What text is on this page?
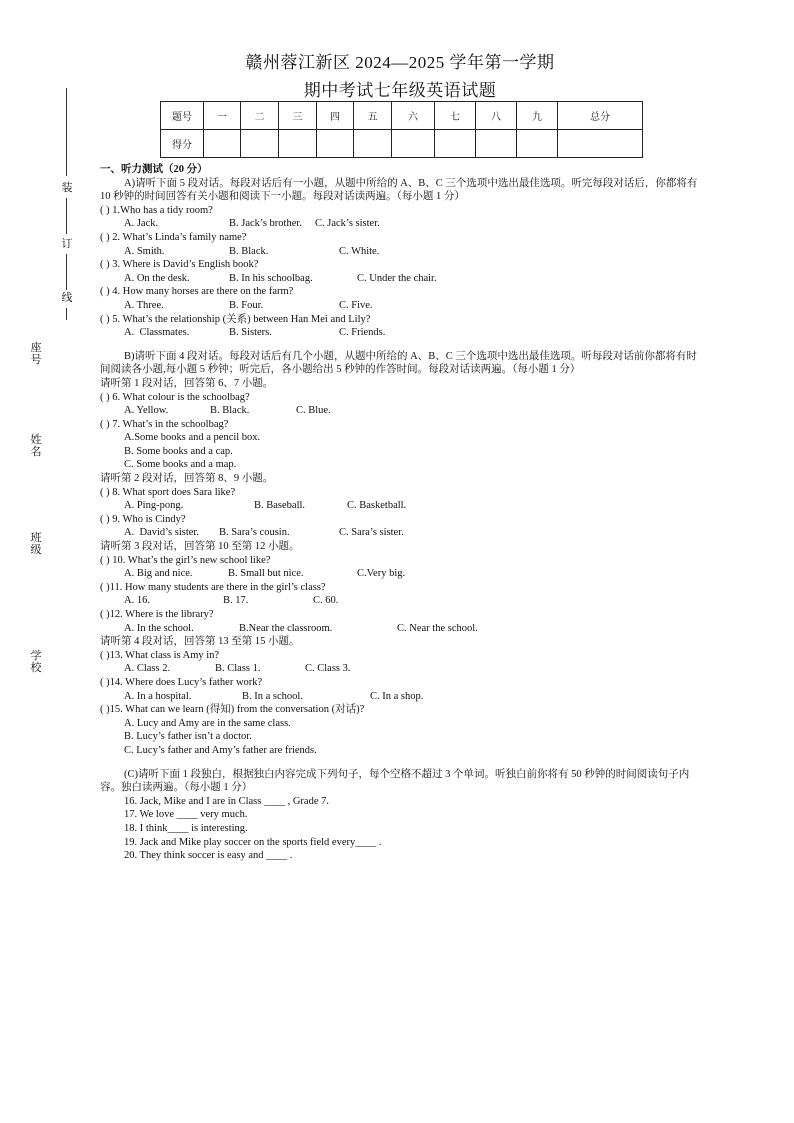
装
订
线
座号
姓名
班级
学校
赣州蓉江新区 2024—2025 学年第一学期
期中考试七年级英语试题
题号	一	二	三	四	五	六	七	八	九	总分
得分										
一、听力测试（20 分）

A)请听下面 5 段对话。每段对话后有一小题，从题中所给的 A、B、C 三个选项中选出最佳选项。听完每段对话后，你都将有 10 秒钟的时间回答有关小题和阅读下一小题。每段对话读两遍。（每小题 1 分）

( ) 1.Who has a tidy room?

A. Jack.	B. Jack’s brother. C. Jack’s sister.

( ) 2. What’s Linda’s family name?

A. Smith.	B. Black.	C. White.

( ) 3. Where is David’s English book?

A. On the desk.	B. In his schoolbag.	C. Under the chair.

( ) 4. How many horses are there on the farm?

A. Three.	B. Four.	C. Five.

( ) 5. What’s the relationship (关系) between Han Mei and Lily?

A.  Classmates.	B. Sisters.	C. Friends.

B)请听下面 4 段对话。每段对话后有几个小题，从题中所给的 A、B、C 三个选项中选出最佳选项。听每段对话前你都将有时间阅读各小题,每小题 5 秒钟；听完后，各小题给出 5 秒钟的作答时间。每段对话读两遍。（每小题 1 分）

请听第 1 段对话，回答第 6、7 小题。

( ) 6. What colour is the schoolbag?

A. Yellow.	B. Black.	C. Blue.

( ) 7. What’s in the schoolbag?

A.Some books and a pencil box.

B. Some books and a cap.

C. Some books and a map.

请听第 2 段对话，回答第 8、9 小题。

( ) 8. What sport does Sara like?

A. Ping-pong.	B. Baseball.	C. Basketball.

( ) 9. Who is Cindy?

A.  David’s sister. B. Sara’s cousin.	C. Sara’s sister.

请听第 3 段对话，回答第 10 至第 12 小题。

( ) 10. What’s the girl’s new school like?

A. Big and nice.	B. Small but nice.	C.Very big.

( )11. How many students are there in the girl’s class?

A. 16.	B. 17.	C. 60.

( )12. Where is the library?

A. In the school.	B.Near the classroom.	C. Near the school.

请听第 4 段对话，回答第 13 至第 15 小题。

( )13. What class is Amy in?

A. Class 2.	B. Class 1.	C. Class 3.

( )14. Where does Lucy’s father work?

A. In a hospital.	B. In a school.	C. In a shop.

( )15. What can we learn (得知) from the conversation (对话)?

A. Lucy and Amy are in the same class.

B. Lucy’s father isn’t a doctor.

C. Lucy’s father and Amy’s father are friends.

(C)请听下面 1 段独白，根据独白内容完成下列句子，每个空格不超过 3 个单词。听独白前你将有 50 秒钟的时间阅读句子内容。独白读两遍。（每小题 1 分）

16. Jack, Mike and I are in Class ____ , Grade 7.

17. We love ____ very much.

18. I think____ is interesting.

19. Jack and Mike play soccer on the sports field every____ .

20. They think soccer is easy and ____ .
